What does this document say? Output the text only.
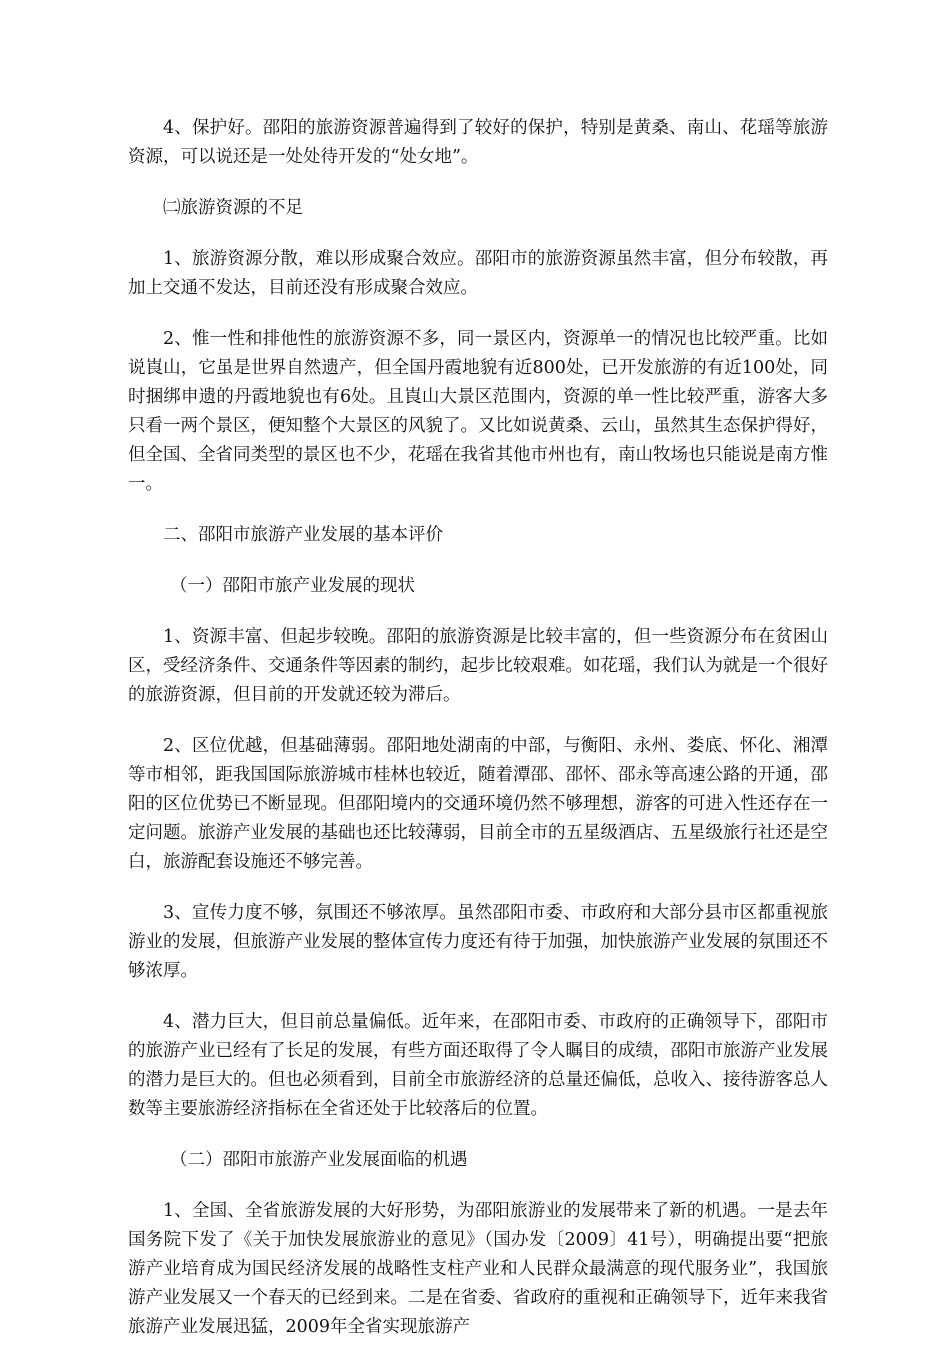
4、保护好。邵阳的旅游资源普遍得到了较好的保护，特别是黄桑、南山、花瑶等旅游资源，可以说还是一处处待开发的“处女地”。

㈡旅游资源的不足

1、旅游资源分散，难以形成聚合效应。邵阳市的旅游资源虽然丰富，但分布较散，再加上交通不发达，目前还没有形成聚合效应。

2、惟一性和排他性的旅游资源不多，同一景区内，资源单一的情况也比较严重。比如说崀山，它虽是世界自然遗产，但全国丹霞地貌有近800处，已开发旅游的有近100处，同时捆绑申遗的丹霞地貌也有6处。且崀山大景区范围内，资源的单一性比较严重，游客大多只看一两个景区，便知整个大景区的风貌了。又比如说黄桑、云山，虽然其生态保护得好，但全国、全省同类型的景区也不少，花瑶在我省其他市州也有，南山牧场也只能说是南方惟一。

二、邵阳市旅游产业发展的基本评价

（一）邵阳市旅产业发展的现状

1、资源丰富、但起步较晚。邵阳的旅游资源是比较丰富的，但一些资源分布在贫困山区，受经济条件、交通条件等因素的制约，起步比较艰难。如花瑶，我们认为就是一个很好的旅游资源，但目前的开发就还较为滞后。

2、区位优越，但基础薄弱。邵阳地处湖南的中部，与衡阳、永州、娄底、怀化、湘潭等市相邻，距我国国际旅游城市桂林也较近，随着潭邵、邵怀、邵永等高速公路的开通，邵阳的区位优势已不断显现。但邵阳境内的交通环境仍然不够理想，游客的可进入性还存在一定问题。旅游产业发展的基础也还比较薄弱，目前全市的五星级酒店、五星级旅行社还是空白，旅游配套设施还不够完善。

3、宣传力度不够，氛围还不够浓厚。虽然邵阳市委、市政府和大部分县市区都重视旅游业的发展，但旅游产业发展的整体宣传力度还有待于加强，加快旅游产业发展的氛围还不够浓厚。

4、潜力巨大，但目前总量偏低。近年来，在邵阳市委、市政府的正确领导下，邵阳市的旅游产业已经有了长足的发展，有些方面还取得了令人瞩目的成绩，邵阳市旅游产业发展的潜力是巨大的。但也必须看到，目前全市旅游经济的总量还偏低，总收入、接待游客总人数等主要旅游经济指标在全省还处于比较落后的位置。

（二）邵阳市旅游产业发展面临的机遇

1、全国、全省旅游发展的大好形势，为邵阳旅游业的发展带来了新的机遇。一是去年国务院下发了《关于加快发展旅游业的意见》（国办发〔2009〕41号），明确提出要“把旅游产业培育成为国民经济发展的战略性支柱产业和人民群众最满意的现代服务业”，我国旅游产业发展又一个春天的已经到来。二是在省委、省政府的重视和正确领导下，近年来我省旅游产业发展迅猛，2009年全省实现旅游产
